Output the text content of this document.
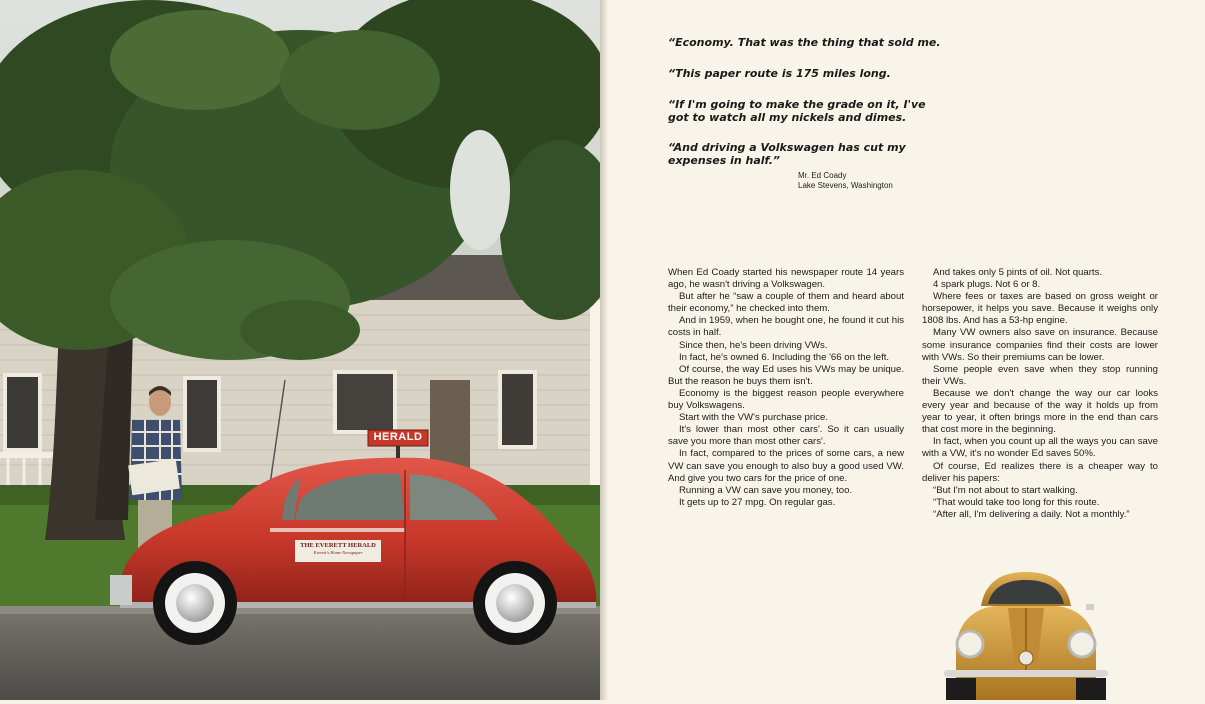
HERALD
THE EVERETT HERALD
Everett's Home Newspaper

“Economy. That was the thing that sold me.

“This paper route is 175 miles long.

“If I'm going to make the grade on it, I've got to watch all my nickels and dimes.

“And driving a Volkswagen has cut my expenses in half.”

Mr. Ed Coady
Lake Stevens, Washington

When Ed Coady started his newspaper route 14 years ago, he wasn't driving a Volkswagen.

But after he “saw a couple of them and heard about their economy,” he checked into them.

And in 1959, when he bought one, he found it cut his costs in half.

Since then, he's been driving VWs.

In fact, he's owned 6. Including the '66 on the left.

Of course, the way Ed uses his VWs may be unique. But the reason he buys them isn't.

Economy is the biggest reason people everywhere buy Volkswagens.

Start with the VW's purchase price.

It's lower than most other cars'. So it can usually save you more than most other cars'.

In fact, compared to the prices of some cars, a new VW can save you enough to also buy a good used VW. And give you two cars for the price of one.

Running a VW can save you money, too.

It gets up to 27 mpg. On regular gas.

And takes only 5 pints of oil. Not quarts.

4 spark plugs. Not 6 or 8.

Where fees or taxes are based on gross weight or horsepower, it helps you save. Because it weighs only 1808 lbs. And has a 53-hp engine.

Many VW owners also save on insurance. Because some insurance companies find their costs are lower with VWs. So their premiums can be lower.

Some people even save when they stop running their VWs.

Because we don't change the way our car looks every year and because of the way it holds up from year to year, it often brings more in the end than cars that cost more in the beginning.

In fact, when you count up all the ways you can save with a VW, it's no wonder Ed saves 50%.

Of course, Ed realizes there is a cheaper way to deliver his papers:

“But I'm not about to start walking.

“That would take too long for this route.

“After all, I'm delivering a daily. Not a monthly.”
